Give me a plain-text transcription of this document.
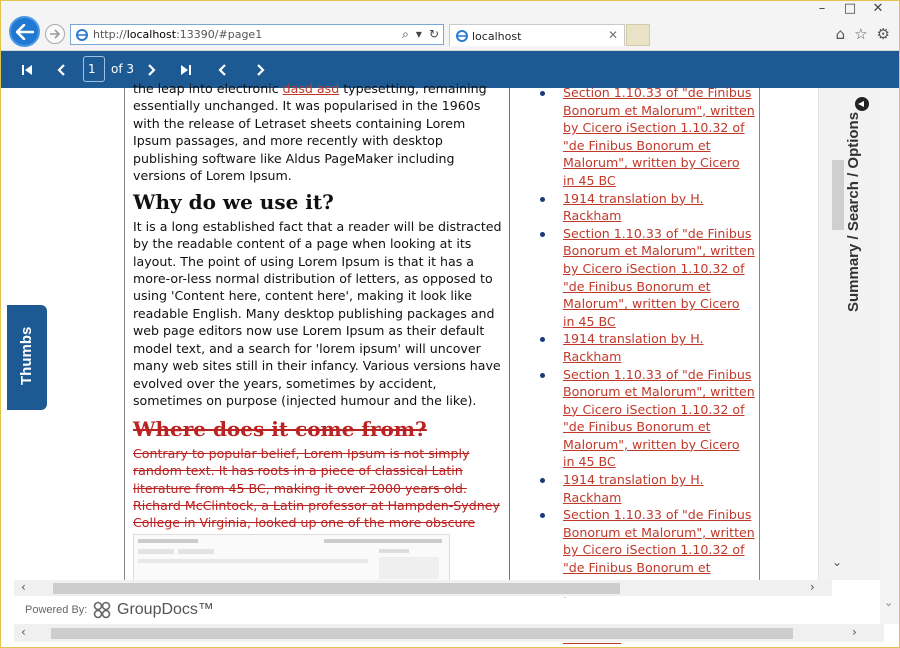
–	□	✕
http://localhost:13390/#page1	⌕ ▾ ↻	localhost	✕	⌂ ☆ ⚙
1	of 3

the leap into electronic dasd asd typesetting, remaining essentially unchanged. It was popularised in the 1960s with the release of Letraset sheets containing Lorem Ipsum passages, and more recently with desktop publishing software like Aldus PageMaker including versions of Lorem Ipsum.

Why do we use it?

It is a long established fact that a reader will be distracted by the readable content of a page when looking at its layout. The point of using Lorem Ipsum is that it has a more-or-less normal distribution of letters, as opposed to using 'Content here, content here', making it look like readable English. Many desktop publishing packages and web page editors now use Lorem Ipsum as their default model text, and a search for 'lorem ipsum' will uncover many web sites still in their infancy. Various versions have evolved over the years, sometimes by accident, sometimes on purpose (injected humour and the like).

Where does it come from?

Contrary to popular belief, Lorem Ipsum is not simply random text. It has roots in a piece of classical Latin literature from 45 BC, making it over 2000 years old. Richard McClintock, a Latin professor at Hampden-Sydney College in Virginia, looked up one of the more obscure

Section 1.10.33 of "de Finibus Bonorum et Malorum", written by Cicero iSection 1.10.32 of "de Finibus Bonorum et Malorum", written by Cicero in 45 BC
1914 translation by H. Rackham
Section 1.10.33 of "de Finibus Bonorum et Malorum", written by Cicero iSection 1.10.32 of "de Finibus Bonorum et Malorum", written by Cicero in 45 BC
1914 translation by H. Rackham
Section 1.10.33 of "de Finibus Bonorum et Malorum", written by Cicero iSection 1.10.32 of "de Finibus Bonorum et Malorum", written by Cicero in 45 BC
1914 translation by H. Rackham
Section 1.10.33 of "de Finibus Bonorum et Malorum", written by Cicero iSection 1.10.32 of "de Finibus Bonorum et
Thumbs
Summary / Search / Options
⌄
‹	›
Powered By: GroupDocs™
‹	›
⌄
